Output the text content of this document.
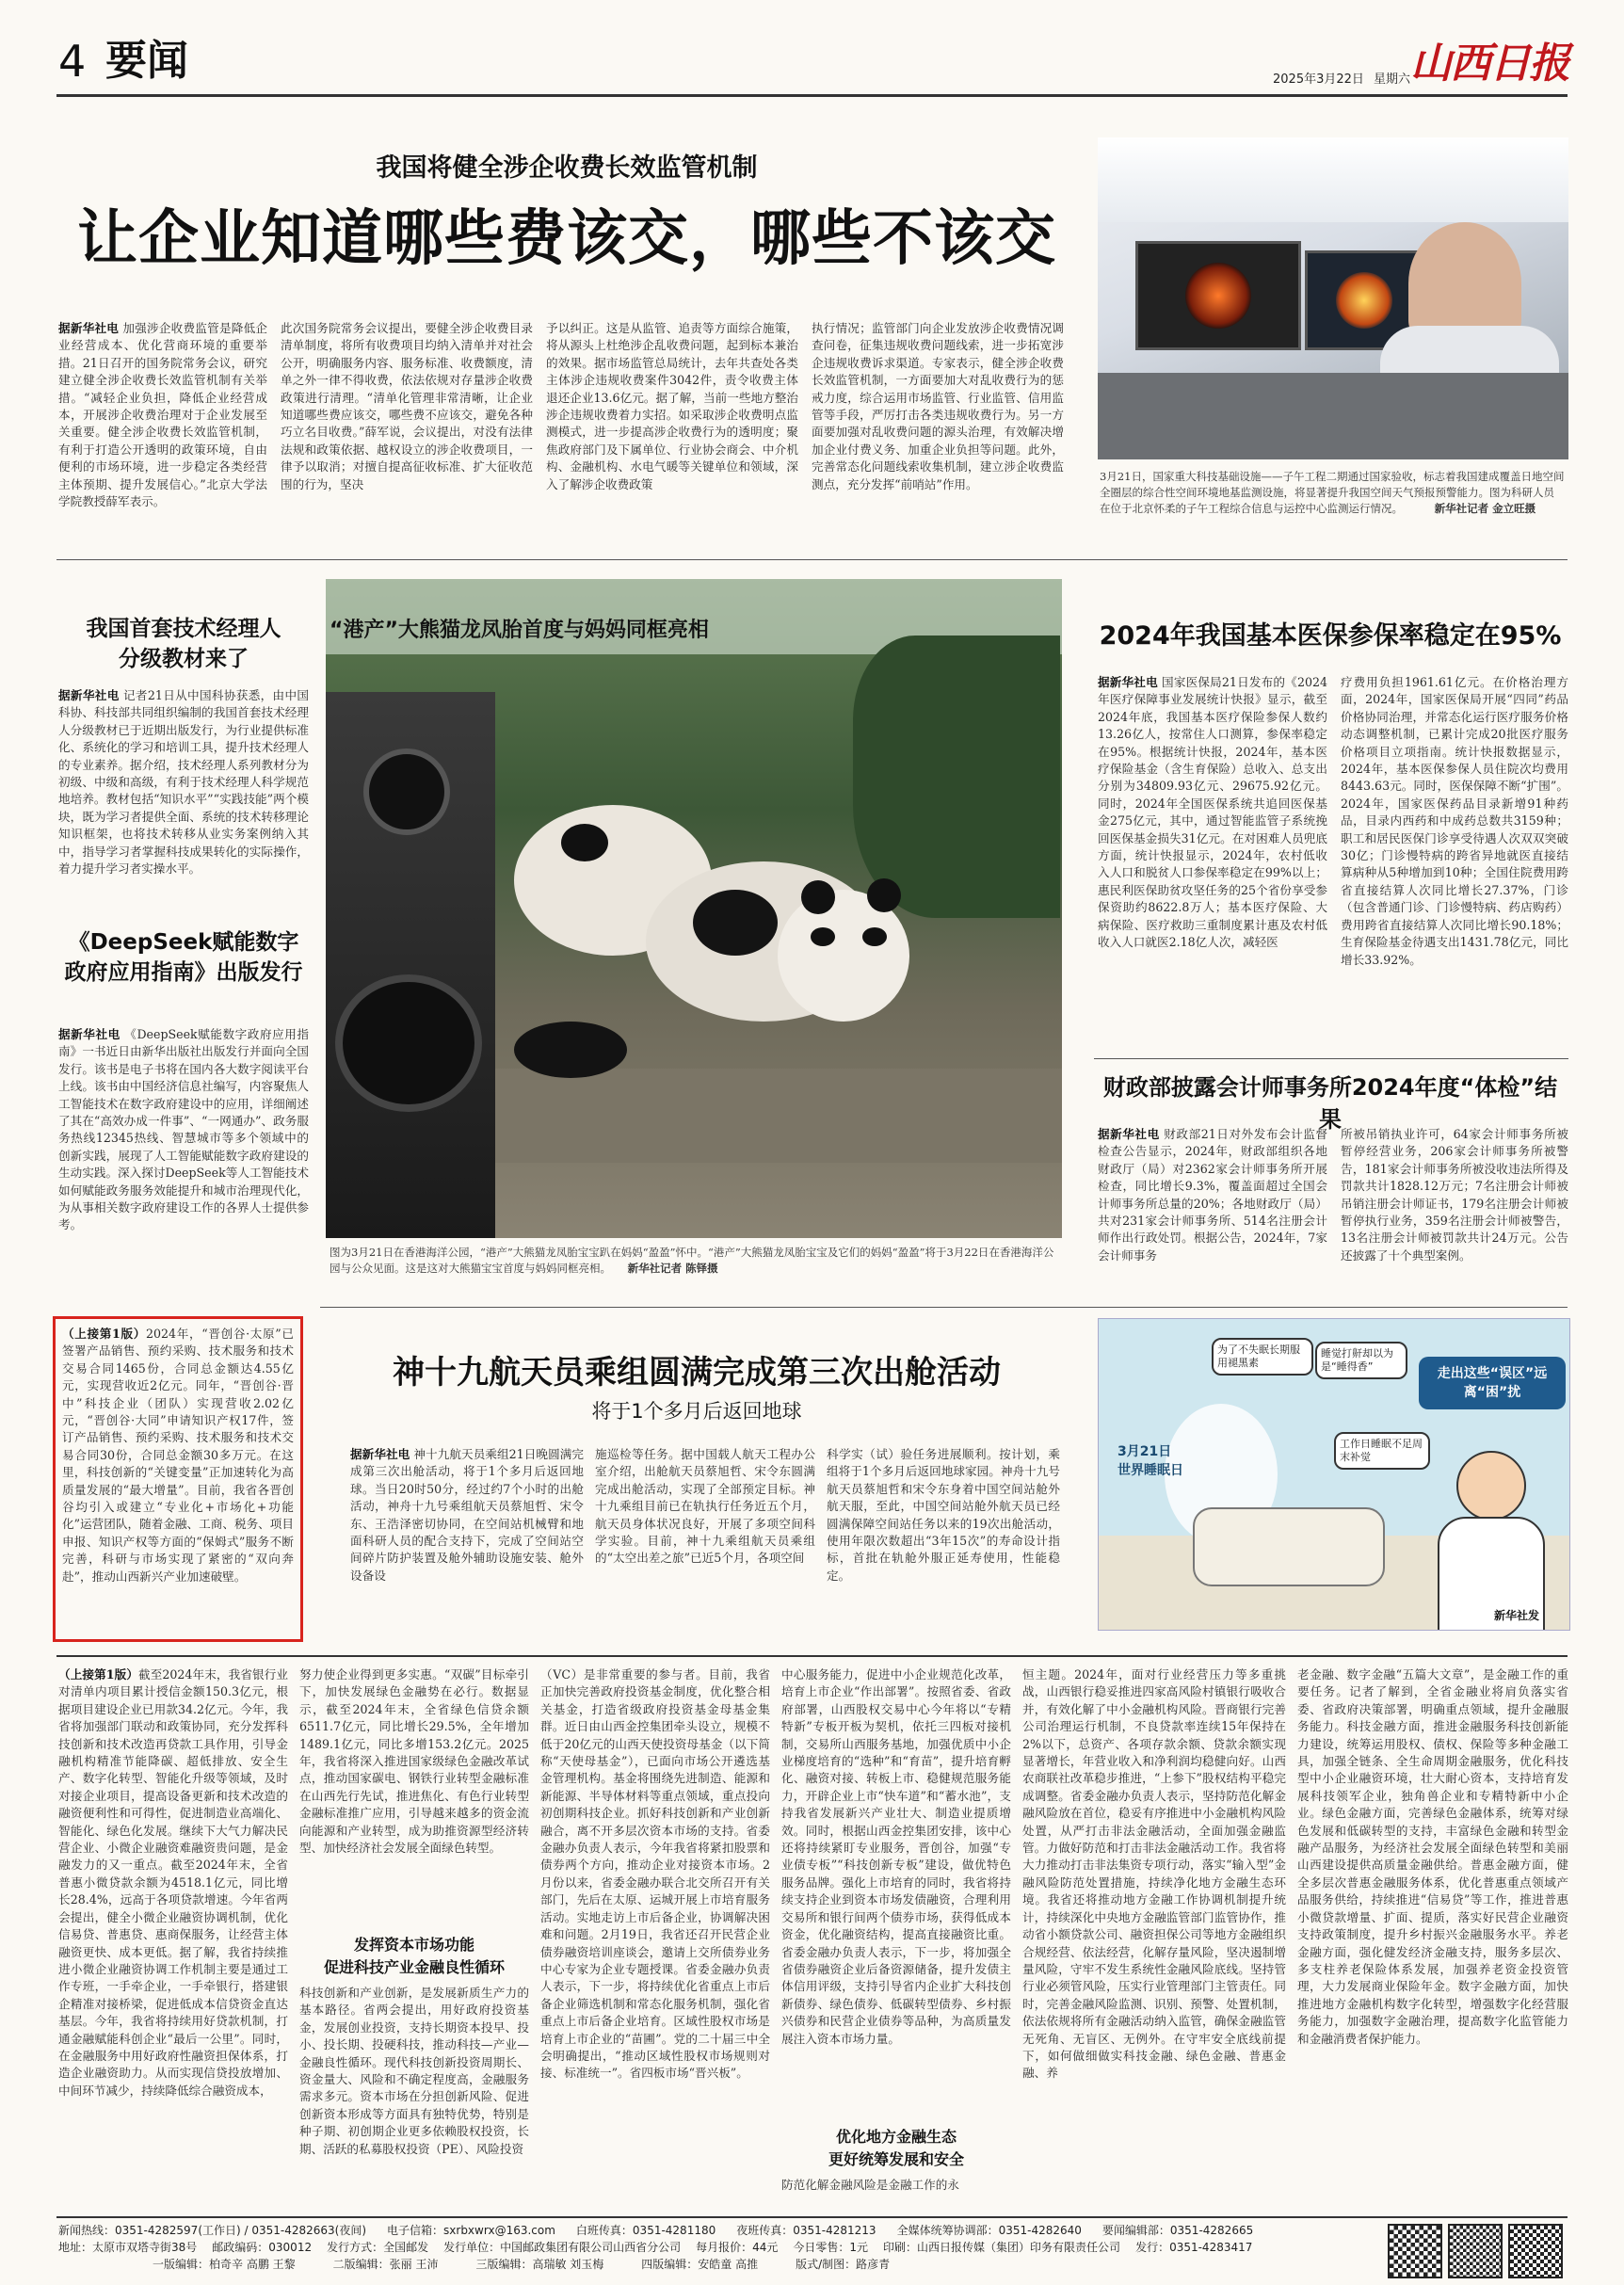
4 要闻	2025年3月22日 星期六 山西日报
我国将健全涉企收费长效监管机制
让企业知道哪些费该交，哪些不该交
据新华社电 加强涉企收费监管是降低企业经营成本、优化营商环境的重要举措。21日召开的国务院常务会议，研究建立健全涉企收费长效监管机制有关举措。“减轻企业负担，降低企业经营成本，开展涉企收费治理对于企业发展至关重要。健全涉企收费长效监管机制，有利于打造公开透明的政策环境，自由便利的市场环境，进一步稳定各类经营主体预期、提升发展信心。”北京大学法学院教授薛军表示。
此次国务院常务会议提出，要健全涉企收费目录清单制度，将所有收费项目均纳入清单并对社会公开，明确服务内容、服务标准、收费额度，清单之外一律不得收费，依法依规对存量涉企收费政策进行清理。“清单化管理非常清晰，让企业知道哪些费应该交，哪些费不应该交，避免各种巧立名目收费。”薛军说，会议提出，对没有法律法规和政策依据、越权设立的涉企收费项目，一律予以取消；对擅自提高征收标准、扩大征收范围的行为，坚决
予以纠正。这是从监管、追责等方面综合施策，将从源头上杜绝涉企乱收费问题，起到标本兼治的效果。据市场监管总局统计，去年共查处各类主体涉企违规收费案件3042件，责令收费主体退还企业13.6亿元。据了解，当前一些地方整治涉企违规收费着力实招。如采取涉企收费明点监测模式，进一步提高涉企收费行为的透明度；聚焦政府部门及下属单位、行业协会商会、中介机构、金融机构、水电气暖等关键单位和领域，深入了解涉企收费政策
执行情况；监管部门向企业发放涉企收费情况调查问卷，征集违规收费问题线索，进一步拓宽涉企违规收费诉求渠道。专家表示，健全涉企收费长效监管机制，一方面要加大对乱收费行为的惩戒力度，综合运用市场监管、行业监管、信用监管等手段，严厉打击各类违规收费行为。另一方面要加强对乱收费问题的源头治理，有效解决增加企业付费义务、加重企业负担等问题。此外，完善常态化问题线索收集机制，建立涉企收费监测点，充分发挥“前哨站”作用。
3月21日，国家重大科技基础设施——子午工程二期通过国家验收，标志着我国建成覆盖日地空间全圈层的综合性空间环境地基监测设施，将显著提升我国空间天气预报预警能力。图为科研人员在位于北京怀柔的子午工程综合信息与运控中心监测运行情况。	新华社记者 金立旺摄
我国首套技术经理人
分级教材来了
据新华社电 记者21日从中国科协获悉，由中国科协、科技部共同组织编制的我国首套技术经理人分级教材已于近期出版发行，为行业提供标准化、系统化的学习和培训工具，提升技术经理人的专业素养。据介绍，技术经理人系列教材分为初级、中级和高级，有利于技术经理人科学规范地培养。教材包括“知识水平”“实践技能”两个模块，既为学习者提供全面、系统的技术转移理论知识框架，也将技术转移从业实务案例纳入其中，指导学习者掌握科技成果转化的实际操作，着力提升学习者实操水平。
《DeepSeek赋能数字
政府应用指南》出版发行
据新华社电 《DeepSeek赋能数字政府应用指南》一书近日由新华出版社出版发行并面向全国发行。该书是电子书将在国内各大数字阅读平台上线。该书由中国经济信息社编写，内容聚焦人工智能技术在数字政府建设中的应用，详细阐述了其在“高效办成一件事”、“一网通办”、政务服务热线12345热线、智慧城市等多个领域中的创新实践，展现了人工智能赋能数字政府建设的生动实践。深入探讨DeepSeek等人工智能技术如何赋能政务服务效能提升和城市治理现代化，为从事相关数字政府建设工作的各界人士提供参考。
（上接第1版）2024年，“晋创谷·太原”已签署产品销售、预约采购、技术服务和技术交易合同1465份，合同总金额达4.55亿元，实现营收近2亿元。同年，“晋创谷·晋中”科技企业（团队）实现营收2.02亿元，“晋创谷·大同”申请知识产权17件，签订产品销售、预约采购、技术服务和技术交易合同30份，合同总金额30多万元。在这里，科技创新的“关键变量”正加速转化为高质量发展的“最大增量”。目前，我省各晋创谷均引入或建立“专业化+市场化+功能化”运营团队，随着金融、工商、税务、项目申报、知识产权等方面的“保姆式”服务不断完善，科研与市场实现了紧密的“双向奔赴”，推动山西新兴产业加速破壁。
“港产”大熊猫龙凤胎首度与妈妈同框亮相
图为3月21日在香港海洋公园，“港产”大熊猫龙凤胎宝宝趴在妈妈“盈盈”怀中。“港产”大熊猫龙凤胎宝宝及它们的妈妈“盈盈”将于3月22日在香港海洋公园与公众见面。这是这对大熊猫宝宝首度与妈妈同框亮相。 新华社记者 陈铎摄
2024年我国基本医保参保率稳定在95%
据新华社电 国家医保局21日发布的《2024年医疗保障事业发展统计快报》显示，截至2024年底，我国基本医疗保险参保人数约13.26亿人，按常住人口测算，参保率稳定在95%。根据统计快报，2024年，基本医疗保险基金（含生育保险）总收入、总支出分别为34809.93亿元、29675.92亿元。同时，2024年全国医保系统共追回医保基金275亿元，其中，通过智能监管子系统挽回医保基金损失31亿元。在对困难人员兜底方面，统计快报显示，2024年，农村低收入人口和脱贫人口参保率稳定在99%以上；惠民利医保助贫攻坚任务的25个省份享受参保资助约8622.8万人；基本医疗保险、大病保险、医疗救助三重制度累计惠及农村低收入人口就医2.18亿人次，减轻医
疗费用负担1961.61亿元。在价格治理方面，2024年，国家医保局开展“四同”药品价格协同治理，并常态化运行医疗服务价格动态调整机制，已累计完成20批医疗服务价格项目立项指南。统计快报数据显示，2024年，基本医保参保人员住院次均费用8443.63元。同时，医保保障不断“扩围”。2024年，国家医保药品目录新增91种药品，目录内西药和中成药总数共3159种；职工和居民医保门诊享受待遇人次双双突破30亿；门诊慢特病的跨省异地就医直接结算病种从5种增加到10种；全国住院费用跨省直接结算人次同比增长27.37%，门诊（包含普通门诊、门诊慢特病、药店购药）费用跨省直接结算人次同比增长90.18%；生育保险基金待遇支出1431.78亿元，同比增长33.92%。
财政部披露会计师事务所2024年度“体检”结果
据新华社电 财政部21日对外发布会计监督检查公告显示，2024年，财政部组织各地财政厅（局）对2362家会计师事务所开展检查，同比增长9.3%，覆盖面超过全国会计师事务所总量的20%；各地财政厅（局）共对231家会计师事务所、514名注册会计师作出行政处罚。根据公告，2024年，7家会计师事务
所被吊销执业许可，64家会计师事务所被暂停经营业务，206家会计师事务所被警告，181家会计师事务所被没收违法所得及罚款共计1828.12万元；7名注册会计师被吊销注册会计师证书，179名注册会计师被暂停执行业务，359名注册会计师被警告，13名注册会计师被罚款共计24万元。公告还披露了十个典型案例。
神十九航天员乘组圆满完成第三次出舱活动
将于1个多月后返回地球
据新华社电 神十九航天员乘组21日晚圆满完成第三次出舱活动，将于1个多月后返回地球。当日20时50分，经过约7个小时的出舱活动，神舟十九号乘组航天员蔡旭哲、宋令东、王浩泽密切协同，在空间站机械臂和地面科研人员的配合支持下，完成了空间站空间碎片防护装置及舱外辅助设施安装、舱外设备设
施巡检等任务。据中国载人航天工程办公室介绍，出舱航天员蔡旭哲、宋令东圆满完成出舱活动，实现了全部预定目标。神十九乘组目前已在轨执行任务近五个月，航天员身体状况良好，开展了多项空间科学实验。目前，神十九乘组航天员乘组的“太空出差之旅”已近5个月，各项空间
科学实（试）验任务进展顺利。按计划，乘组将于1个多月后返回地球家园。神舟十九号航天员蔡旭哲和宋令东身着中国空间站舱外航天服，至此，中国空间站舱外航天员已经圆满保障空间站任务以来的19次出舱活动，使用年限次数超出“3年15次”的寿命设计指标，首批在轨舱外服正延寿使用，性能稳定。
3月21日
世界睡眠日
为了不失眠长期服用褪黑素
睡觉打鼾却以为是“睡得香”
工作日睡眠不足周末补觉
走出这些“误区”远离“困”扰
新华社发
（上接第1版）截至2024年末，我省银行业对清单内项目累计授信金额150.3亿元，根据项目建设企业已用款34.2亿元。今年，我省将加强部门联动和政策协同，充分发挥科技创新和技术改造再贷款工具作用，引导金融机构精准节能降碳、超低排放、安全生产、数字化转型、智能化升级等领域，及时对接企业项目，提高设备更新和技术改造的融资便利性和可得性，促进制造业高端化、智能化、绿色化发展。继续下大气力解决民营企业、小微企业融资难融资贵问题，是金融发力的又一重点。截至2024年末，全省普惠小微贷款余额为4518.1亿元，同比增长28.4%，远高于各项贷款增速。今年省两会提出，健全小微企业融资协调机制，优化信易贷、普惠贷、惠商保服务，让经营主体融资更快、成本更低。据了解，我省持续推进小微企业融资协调工作机制主要是通过工作专班，一手牵企业，一手牵银行，搭建银企精准对接桥梁，促进低成本信贷资金直达基层。今年，我省将持续用好贷款机制，打通金融赋能科创企业“最后一公里”。同时，在金融服务中用好政府性融资担保体系，打造企业融资助力。从而实现信贷投放增加、中间环节减少，持续降低综合融资成本，
努力使企业得到更多实惠。“双碳”目标牵引下，加快发展绿色金融势在必行。数据显示，截至2024年末，全省绿色信贷余额6511.7亿元，同比增长29.5%，全年增加1489.1亿元，同比多增153.2亿元。2025年，我省将深入推进国家级绿色金融改革试点，推动国家碳电、钢铁行业转型金融标准在山西先行先试，推进焦化、有色行业转型金融标准推广应用，引导越来越多的资金流向能源和产业转型，成为助推资源型经济转型、加快经济社会发展全面绿色转型。
发挥资本市场功能
促进科技产业金融良性循环
科技创新和产业创新，是发展新质生产力的基本路径。省两会提出，用好政府投资基金，发展创业投资，支持长期资本投早、投小、投长期、投硬科技，推动科技—产业—金融良性循环。现代科技创新投资周期长、资金量大、风险和不确定程度高，金融服务需求多元。资本市场在分担创新风险、促进创新资本形成等方面具有独特优势，特别是种子期、初创期企业更多依赖股权投资，长期、活跃的私募股权投资（PE）、风险投资
（VC）是非常重要的参与者。目前，我省正加快完善政府投资基金制度，优化整合相关基金，打造省级政府投资基金母基金集群。近日由山西金控集团牵头设立，规模不低于20亿元的山西天使投资母基金（以下简称“天使母基金”），已面向市场公开遴选基金管理机构。基金将围绕先进制造、能源和新能源、半导体材料等重点领域，重点投向初创期科技企业。抓好科技创新和产业创新融合，离不开多层次资本市场的支持。省委金融办负责人表示，今年我省将紧扣股票和债券两个方向，推动企业对接资本市场。2月份以来，省委金融办联合北交所召开有关部门，先后在太原、运城开展上市培育服务活动。实地走访上市后备企业，协调解决困难和问题。2月19日，我省还召开民营企业债券融资培训座谈会，邀请上交所债券业务中心专家为企业专题授课。省委金融办负责人表示，下一步，将持续优化省重点上市后备企业筛选机制和常态化服务机制，强化省重点上市后备企业培育。区域性股权市场是培育上市企业的“苗圃”。党的二十届三中全会明确提出，“推动区域性股权市场规则对接、标准统一”。省四板市场“晋兴板”。
中心服务能力，促进中小企业规范化改革，培育上市企业“作出部署”。按照省委、省政府部署，山西股权交易中心今年将以“专精特新”专板开板为契机，依托三四板对接机制，交易所山西服务基地，加强优质中小企业梯度培育的“选种”和“育苗”，提升培育孵化、融资对接、转板上市、稳健规范服务能力，开辟企业上市“快车道”和“蓄水池”，支持我省发展新兴产业壮大、制造业提质增效。同时，根据山西金控集团安排，该中心还将持续紧盯专业服务，晋创谷，加强“专业债专板”“科技创新专板”建设，做优特色服务品牌。强化上市培育的同时，我省将持续支持企业到资本市场发债融资，合理利用交易所和银行间两个债券市场，获得低成本资金，优化融资结构，提高直接融资比重。省委金融办负责人表示，下一步，将加强全省债券融资企业后备资源储备，提升发债主体信用评级，支持引导省内企业扩大科技创新债券、绿色债券、低碳转型债券、乡村振兴债券和民营企业债券等品种，为高质量发展注入资本市场力量。
优化地方金融生态
更好统筹发展和安全
防范化解金融风险是金融工作的永
恒主题。2024年，面对行业经营压力等多重挑战，山西银行稳妥推进四家高风险村镇银行吸收合并，有效化解了中小金融机构风险。晋商银行完善公司治理运行机制，不良贷款率连续15年保持在2%以下，总资产、各项存款余额、贷款余额实现显著增长，年营业收入和净利润均稳健向好。山西农商联社改革稳步推进，“上参下”股权结构平稳完成调整。省委金融办负责人表示，坚持防范化解金融风险放在首位，稳妥有序推进中小金融机构风险处置，从严打击非法金融活动，全面加强金融监管。力做好防范和打击非法金融活动工作。我省将大力推动打击非法集资专项行动，落实“输入型”金融风险防范处置措施，持续净化地方金融生态环境。我省还将推动地方金融工作协调机制提升统计，持续深化中央地方金融监管部门监管协作，推动省小额贷款公司、融资担保公司等地方金融组织合规经营、依法经营，化解存量风险，坚决遏制增量风险，守牢不发生系统性金融风险底线。坚持管行业必须管风险，压实行业管理部门主管责任。同时，完善金融风险监测、识别、预警、处置机制，依法依规将所有金融活动纳入监管，确保金融监管无死角、无盲区、无例外。在守牢安全底线前提下，如何做细做实科技金融、绿色金融、普惠金融、养
老金融、数字金融“五篇大文章”，是金融工作的重要任务。记者了解到，全省金融业将肩负落实省委、省政府决策部署，明确重点领域，提升金融服务能力。科技金融方面，推进金融服务科技创新能力建设，统筹运用股权、债权、保险等多种金融工具，加强全链条、全生命周期金融服务，优化科技型中小企业融资环境，壮大耐心资本，支持培育发展科技领军企业，独角兽企业和专精特新中小企业。绿色金融方面，完善绿色金融体系，统筹对绿色发展和低碳转型的支持，丰富绿色金融和转型金融产品服务，为经济社会发展全面绿色转型和美丽山西建设提供高质量金融供给。普惠金融方面，健全多层次普惠金融服务体系，优化普惠重点领域产品服务供给，持续推进“信易贷”等工作，推进普惠小微贷款增量、扩面、提质，落实好民营企业融资支持政策制度，提升乡村振兴金融服务水平。养老金融方面，强化健发经济金融支持，服务多层次、多支柱养老保险体系发展，加强养老资金投资管理，大力发展商业保险年金。数字金融方面，加快推进地方金融机构数字化转型，增强数字化经营服务能力，加强数字金融治理，提高数字化监管能力和金融消费者保护能力。
新闻热线：0351-4282597(工作日) / 0351-4282663(夜间) 电子信箱：sxrbxwrx@163.com 白班传真：0351-4281180 夜班传真：0351-4281213 全媒体统筹协调部：0351-4282640 要闻编辑部：0351-4282665
地址：太原市双塔寺街38号 邮政编码：030012 发行方式：全国邮发 发行单位：中国邮政集团有限公司山西省分公司 每月报价：44元 今日零售：1元 印刷：山西日报传媒（集团）印务有限责任公司 发行：0351-4283417
一版编辑：柏奇辛 高鹏 王黎	二版编辑：张丽 王沛	三版编辑：高瑞敏 刘玉梅	四版编辑：安皓童 高推	版式/制图：路彦青
